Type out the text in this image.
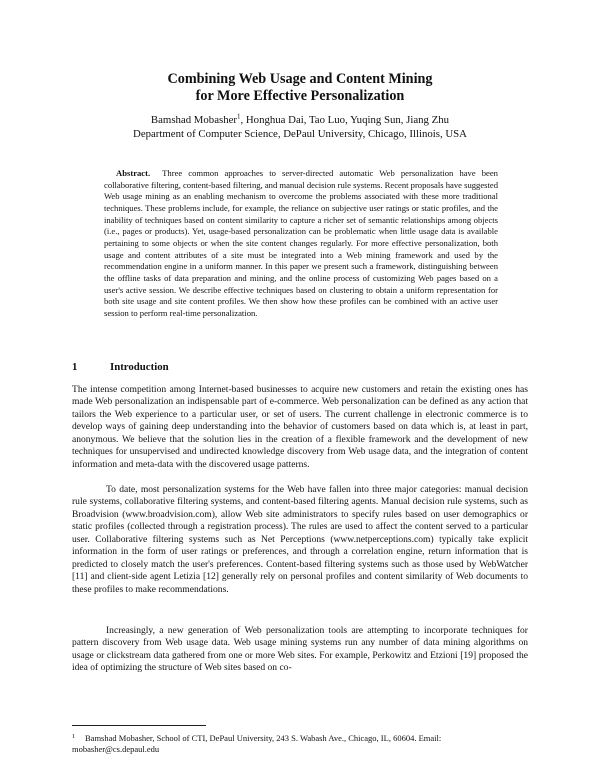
Combining Web Usage and Content Mining
for More Effective Personalization
Bamshad Mobasher$^1$, Honghua Dai, Tao Luo, Yuqing Sun, Jiang Zhu
Department of Computer Science, DePaul University, Chicago, Illinois, USA

Abstract. Three common approaches to server-directed automatic Web personalization have been collaborative filtering, content-based filtering, and manual decision rule systems. Recent proposals have suggested Web usage mining as an enabling mechanism to overcome the problems associated with these more traditional techniques. These problems include, for example, the reliance on subjective user ratings or static profiles, and the inability of techniques based on content similarity to capture a richer set of semantic relationships among objects (i.e., pages or products). Yet, usage-based personalization can be problematic when little usage data is available pertaining to some objects or when the site content changes regularly. For more effective personalization, both usage and content attributes of a site must be integrated into a Web mining framework and used by the recommendation engine in a uniform manner. In this paper we present such a framework, distinguishing between the offline tasks of data preparation and mining, and the online process of customizing Web pages based on a user's active session. We describe effective techniques based on clustering to obtain a uniform representation for both site usage and site content profiles. We then show how these profiles can be combined with an active user session to perform real-time personalization.

1	Introduction

The intense competition among Internet-based businesses to acquire new customers and retain the existing ones has made Web personalization an indispensable part of e-commerce. Web personalization can be defined as any action that tailors the Web experience to a particular user, or set of users. The current challenge in electronic commerce is to develop ways of gaining deep understanding into the behavior of customers based on data which is, at least in part, anonymous. We believe that the solution lies in the creation of a flexible framework and the development of new techniques for unsupervised and undirected knowledge discovery from Web usage data, and the integration of content information and meta-data with the discovered usage patterns.

To date, most personalization systems for the Web have fallen into three major categories: manual decision rule systems, collaborative filtering systems, and content-based filtering agents. Manual decision rule systems, such as Broadvision (www.broadvision.com), allow Web site administrators to specify rules based on user demographics or static profiles (collected through a registration process). The rules are used to affect the content served to a particular user. Collaborative filtering systems such as Net Perceptions (www.netperceptions.com) typically take explicit information in the form of user ratings or preferences, and through a correlation engine, return information that is predicted to closely match the user's preferences. Content-based filtering systems such as those used by WebWatcher [11] and client-side agent Letizia [12] generally rely on personal profiles and content similarity of Web documents to these profiles to make recommendations.

Increasingly, a new generation of Web personalization tools are attempting to incorporate techniques for pattern discovery from Web usage data. Web usage mining systems run any number of data mining algorithms on usage or clickstream data gathered from one or more Web sites. For example, Perkowitz and Etzioni [19] proposed the idea of optimizing the structure of Web sites based on co-

1 Bamshad Mobasher, School of CTI, DePaul University, 243 S. Wabash Ave., Chicago, IL, 60604. Email: mobasher@cs.depaul.edu
